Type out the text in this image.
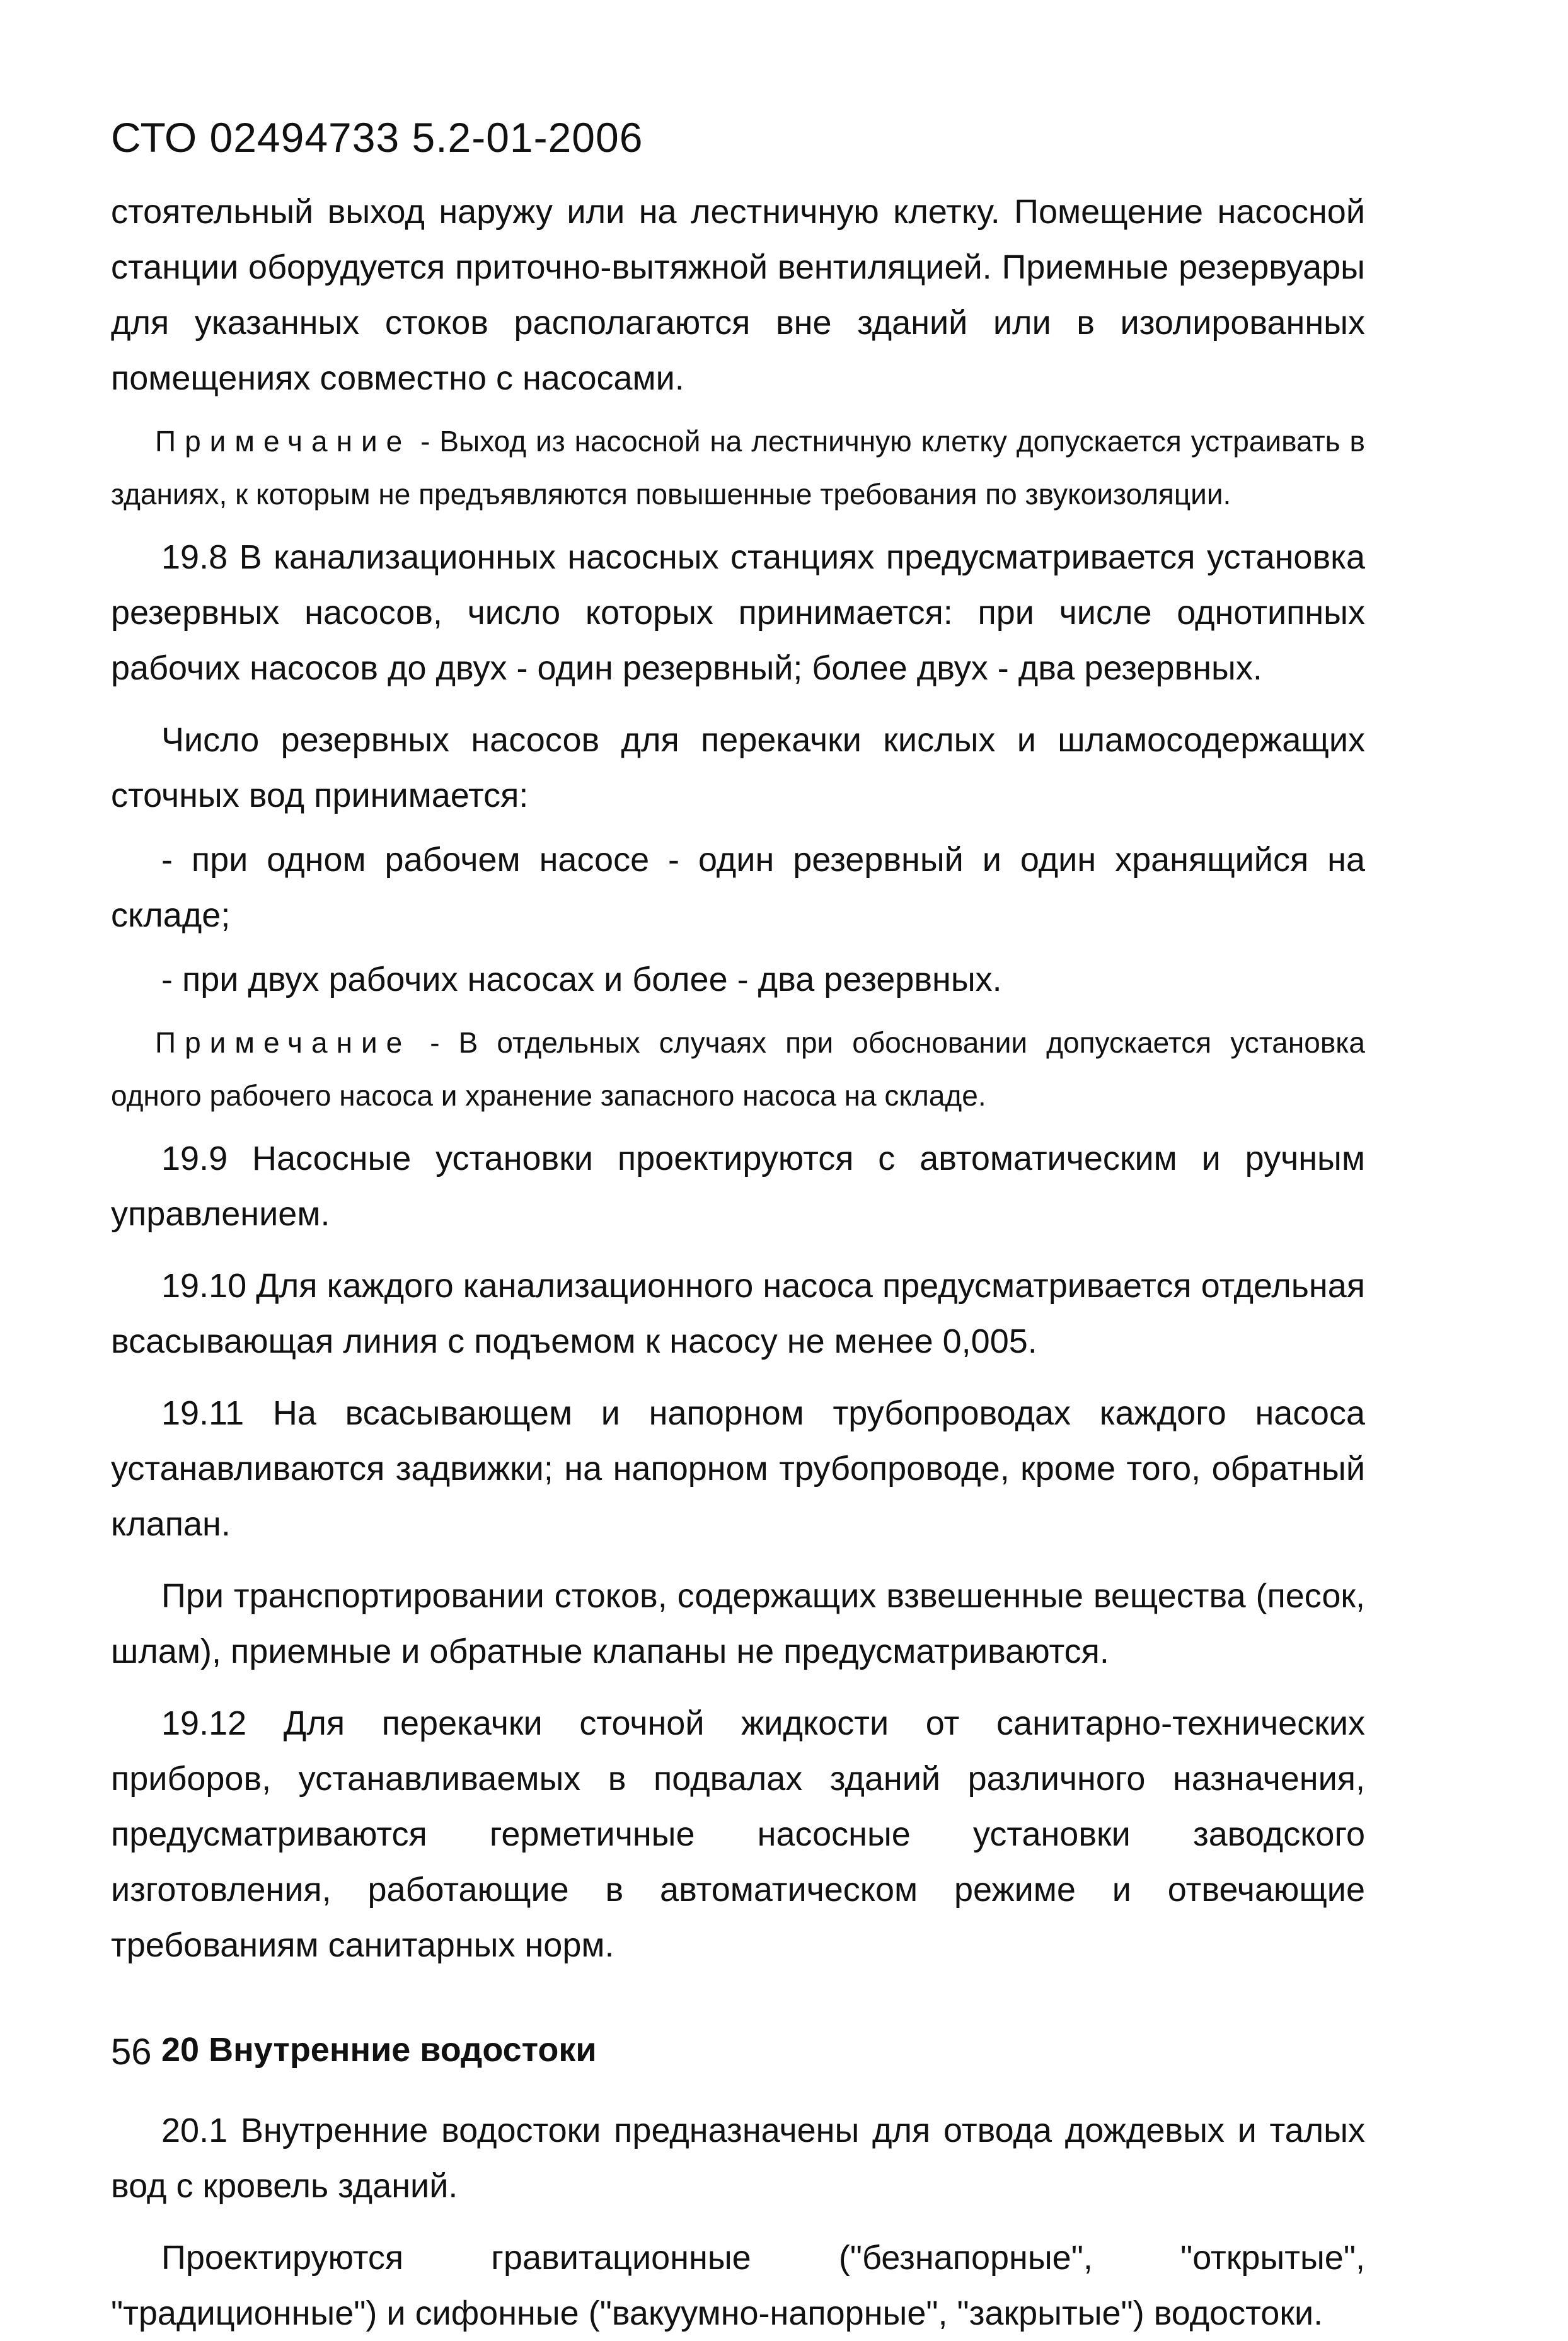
СТО 02494733 5.2-01-2006

стоятельный выход наружу или на лестничную клетку. Помещение насосной станции оборудуется приточно-вытяжной вентиляцией. Приемные резервуары для указанных стоков располагаются вне зданий или в изолированных помещениях совместно с насосами.

Примечание - Выход из насосной на лестничную клетку допускается устраивать в зданиях, к которым не предъявляются повышенные требования по звукоизоляции.

19.8 В канализационных насосных станциях предусматривается установка резервных насосов, число которых принимается: при числе однотипных рабочих насосов до двух - один резервный; более двух - два резервных.

Число резервных насосов для перекачки кислых и шламосодержащих сточных вод принимается:

- при одном рабочем насосе - один резервный и один хранящийся на складе;

- при двух рабочих насосах и более - два резервных.

Примечание - В отдельных случаях при обосновании допускается установка одного рабочего насоса и хранение запасного насоса на складе.

19.9 Насосные установки проектируются с автоматическим и ручным управлением.

19.10 Для каждого канализационного насоса предусматривается отдельная всасывающая линия с подъемом к насосу не менее 0,005.

19.11 На всасывающем и напорном трубопроводах каждого насоса устанавливаются задвижки; на напорном трубопроводе, кроме того, обратный клапан.

При транспортировании стоков, содержащих взвешенные вещества (песок, шлам), приемные и обратные клапаны не предусматриваются.

19.12 Для перекачки сточной жидкости от санитарно-технических приборов, устанавливаемых в подвалах зданий различного назначения, предусматриваются герметичные насосные установки заводского изготовления, работающие в автоматическом режиме и отвечающие требованиям санитарных норм.

20 Внутренние водостоки

20.1 Внутренние водостоки предназначены для отвода дождевых и талых вод с кровель зданий.

Проектируются гравитационные ("безнапорные", "открытые", "традиционные") и сифонные ("вакуумно-напорные", "закрытые") водостоки.

56
